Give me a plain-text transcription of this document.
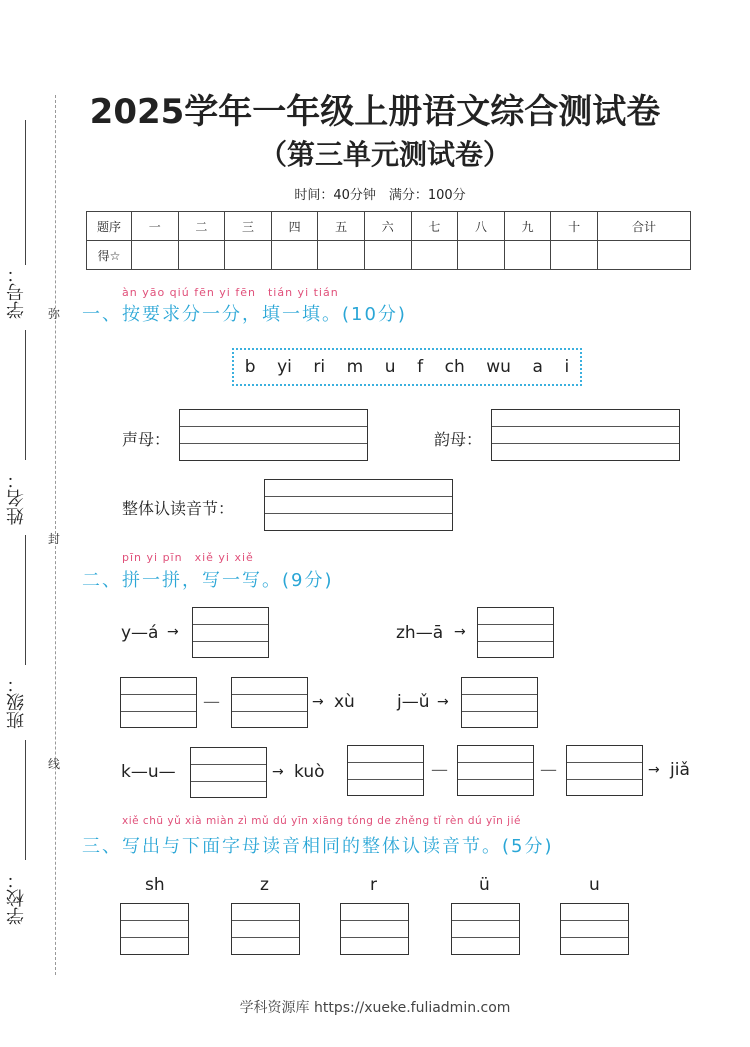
学号：
姓名：
班级：
学校：
弥
封
线
2025学年一年级上册语文综合测试卷
（第三单元测试卷）
时间：40分钟　满分：100分
题序	一	二	三	四	五	六	七	八	九	十	合计
得☆											
àn yāo qiú fēn yi fēn　tián yi tián
一、按要求分一分，填一填。(10分)
b yi ri m u f ch wu a i
声母：	韵母：
整体认读音节：
pīn yi pīn　xiě yi xiě
二、拼一拼，写一写。(9分)
y—á →	zh—ā →
—	→ xù j—ǔ →
k—u—	→ kuò	—	—	→ jiǎ
xiě chū yǔ xià miàn zì mǔ dú yīn xiāng tóng de zhěng tǐ rèn dú yīn jié
三、写出与下面字母读音相同的整体认读音节。(5分)
sh	z	r	ü	u
学科资源库 https://xueke.fuliadmin.com
